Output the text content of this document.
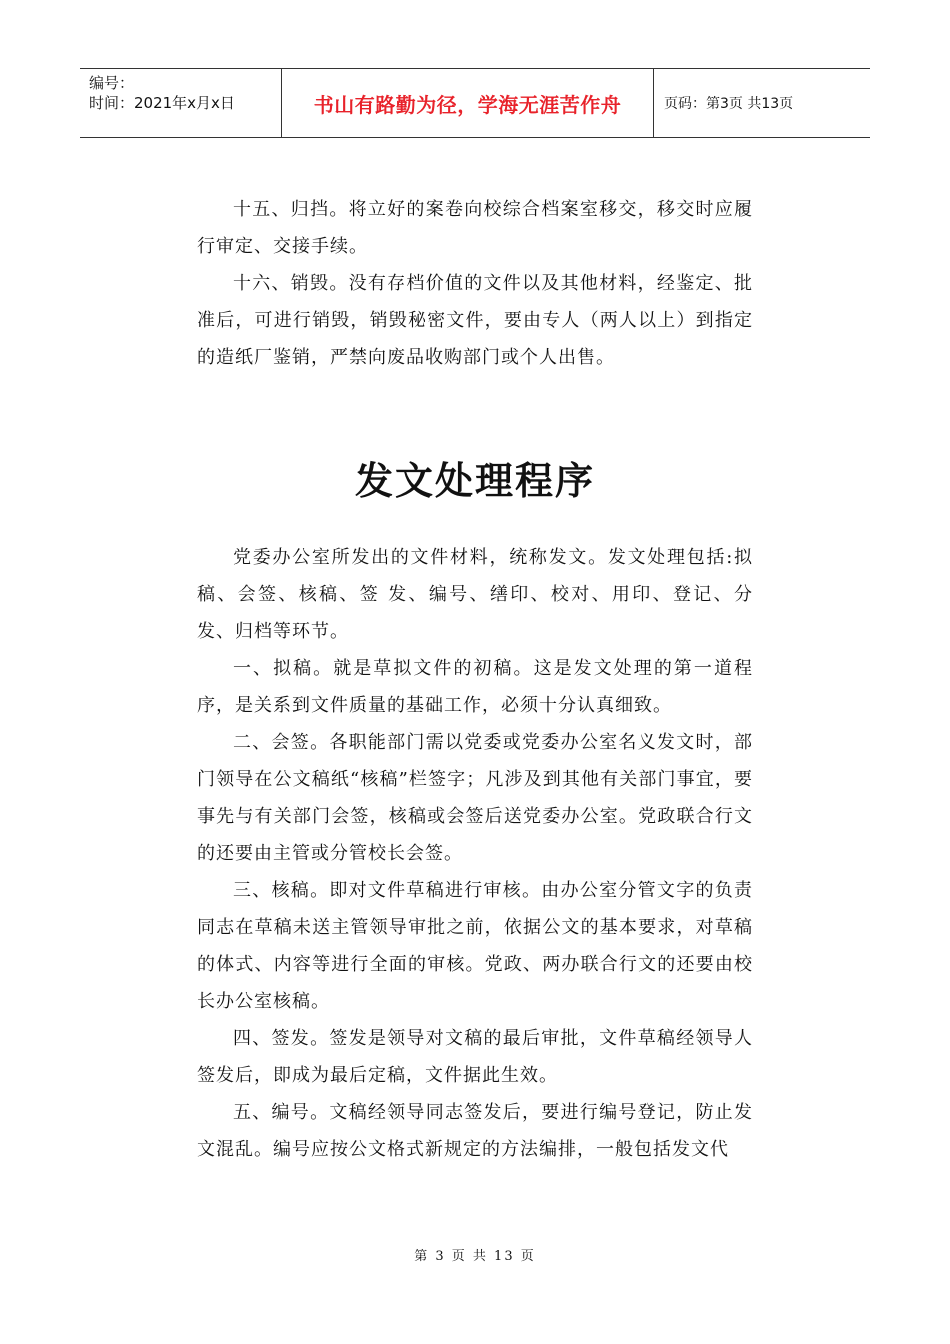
编号：
时间：2021年x月x日	书山有路勤为径，学海无涯苦作舟	页码：第3页 共13页

十五、归挡。将立好的案卷向校综合档案室移交，移交时应履行审定、交接手续。

十六、销毁。没有存档价值的文件以及其他材料，经鉴定、批准后，可进行销毁，销毁秘密文件，要由专人（两人以上）到指定的造纸厂鉴销，严禁向废品收购部门或个人出售。

发文处理程序

党委办公室所发出的文件材料，统称发文。发文处理包括:拟稿、会签、核稿、签 发、编号、缮印、校对、用印、登记、分发、归档等环节。

一、拟稿。就是草拟文件的初稿。这是发文处理的第一道程序，是关系到文件质量的基础工作，必须十分认真细致。

二、会签。各职能部门需以党委或党委办公室名义发文时，部门领导在公文稿纸“核稿”栏签字；凡涉及到其他有关部门事宜，要事先与有关部门会签，核稿或会签后送党委办公室。党政联合行文的还要由主管或分管校长会签。

三、核稿。即对文件草稿进行审核。由办公室分管文字的负责同志在草稿未送主管领导审批之前，依据公文的基本要求，对草稿的体式、内容等进行全面的审核。党政、两办联合行文的还要由校长办公室核稿。

四、签发。签发是领导对文稿的最后审批，文件草稿经领导人签发后，即成为最后定稿，文件据此生效。

五、编号。文稿经领导同志签发后，要进行编号登记，防止发文混乱。编号应按公文格式新规定的方法编排，一般包括发文代

第 3 页 共 13 页
